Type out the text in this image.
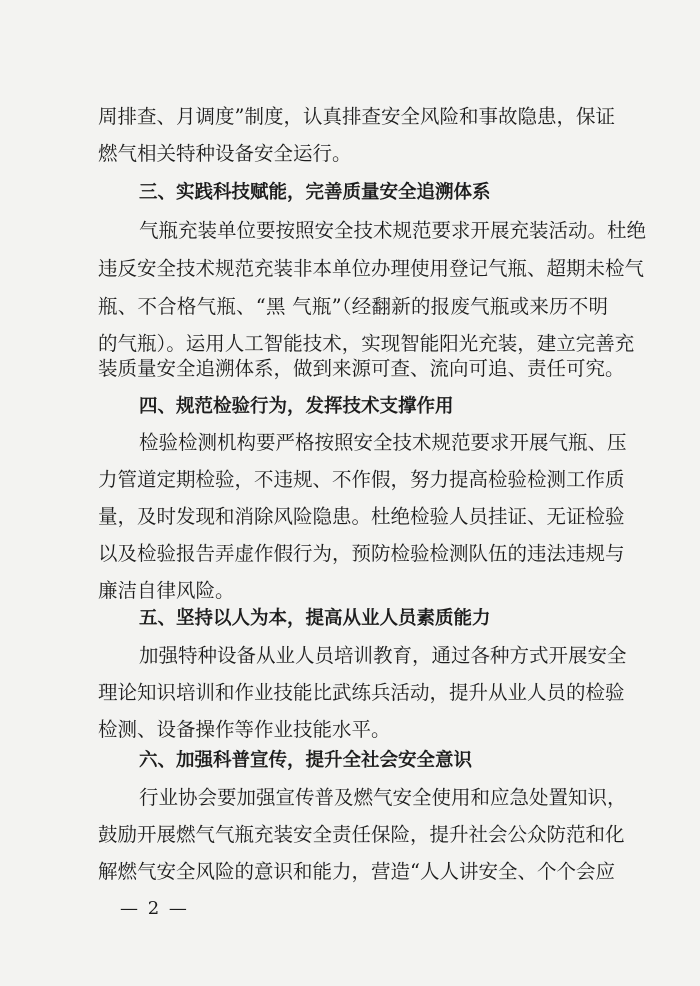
周排查、月调度”制度，认真排查安全风险和事故隐患，保证
燃气相关特种设备安全运行。
三、实践科技赋能，完善质量安全追溯体系
气瓶充装单位要按照安全技术规范要求开展充装活动。杜绝
违反安全技术规范充装非本单位办理使用登记气瓶、超期未检气
瓶、不合格气瓶、“黑 气瓶”（经翻新的报废气瓶或来历不明
的气瓶）。运用人工智能技术，实现智能阳光充装，建立完善充
装质量安全追溯体系，做到来源可查、流向可追、责任可究。
四、规范检验行为，发挥技术支撑作用
检验检测机构要严格按照安全技术规范要求开展气瓶、压
力管道定期检验，不违规、不作假，努力提高检验检测工作质
量，及时发现和消除风险隐患。杜绝检验人员挂证、无证检验
以及检验报告弄虚作假行为，预防检验检测队伍的违法违规与
廉洁自律风险。
五、坚持以人为本，提高从业人员素质能力
加强特种设备从业人员培训教育，通过各种方式开展安全
理论知识培训和作业技能比武练兵活动，提升从业人员的检验
检测、设备操作等作业技能水平。
六、加强科普宣传，提升全社会安全意识
行业协会要加强宣传普及燃气安全使用和应急处置知识，
鼓励开展燃气气瓶充装安全责任保险，提升社会公众防范和化
解燃气安全风险的意识和能力，营造“人人讲安全、个个会应
— 2 —
